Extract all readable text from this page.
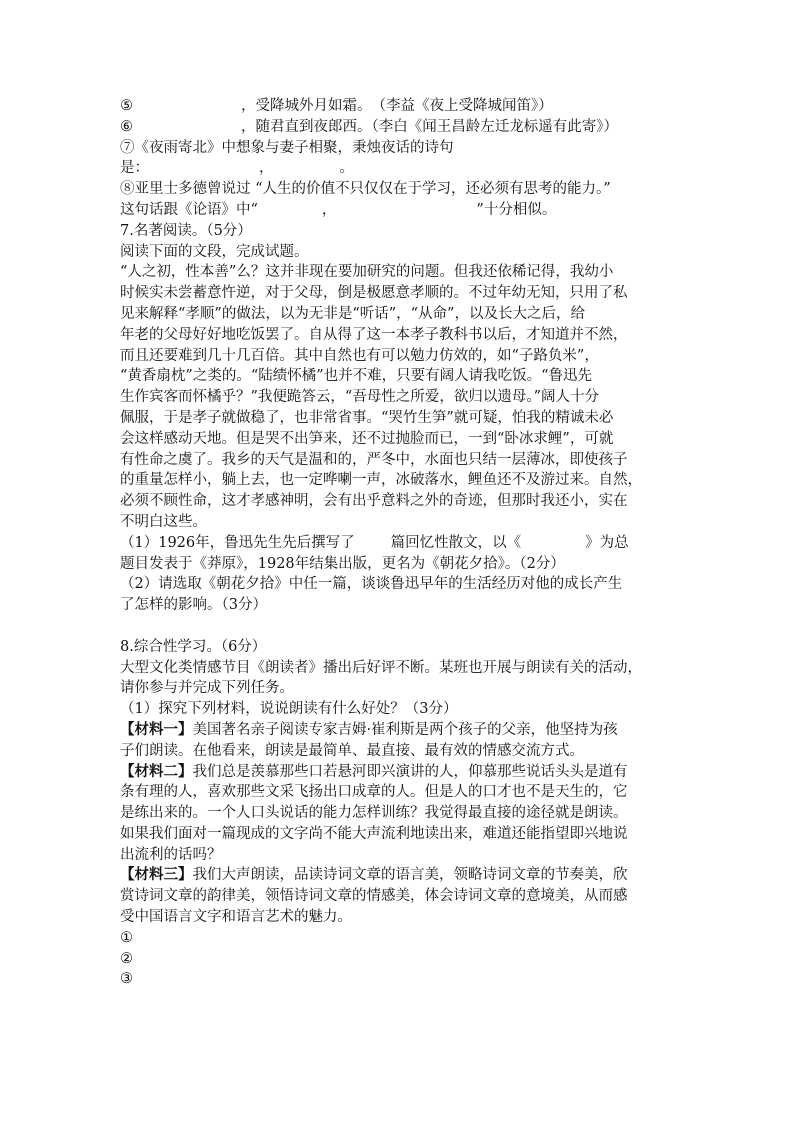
⑤	，受降城外月如霜。　（李益《夜上受降城闻笛》）
⑥	，随君直到夜郎西。（李白《闻王昌龄左迁龙标遥有此寄》）
⑦《夜雨寄北》中想象与妻子相聚，秉烛夜话的诗句
是：	，	。
⑧亚里士多德曾说过 “人生的价值不只仅仅在于学习，还必须有思考的能力。”
这句话跟《论语》中“	，	”十分相似。
7.名著阅读。（5分）
阅读下面的文段，完成试题。
“人之初，性本善”么？这并非现在要加研究的问题。但我还依稀记得，我幼小
时候实未尝蓄意忤逆，对于父母，倒是极愿意孝顺的。不过年幼无知，只用了私
见来解释“孝顺”的做法，以为无非是“听话”，“从命”，以及长大之后，给
年老的父母好好地吃饭罢了。自从得了这一本孝子教科书以后，才知道并不然，
而且还要难到几十几百倍。其中自然也有可以勉力仿效的，如“子路负米”，
“黄香扇枕”之类的。“陆绩怀橘”也并不难，只要有阔人请我吃饭。“鲁迅先
生作宾客而怀橘乎？”我便跪答云，“吾母性之所爱，欲归以遗母。”阔人十分
佩服，于是孝子就做稳了，也非常省事。“哭竹生笋”就可疑，怕我的精诚未必
会这样感动天地。但是哭不出笋来，还不过抛脸而已，一到“卧冰求鲤”，可就
有性命之虞了。我乡的天气是温和的，严冬中，水面也只结一层薄冰，即使孩子
的重量怎样小，躺上去，也一定哗喇一声，冰破落水，鲤鱼还不及游过来。自然，
必须不顾性命，这才孝感神明，会有出乎意料之外的奇迹，但那时我还小，实在
不明白这些。
（1）1926年，鲁迅先生先后撰写了 篇回忆性散文，以《	》为总
题目发表于《莽原》，1928年结集出版，更名为《朝花夕拾》。（2分）
（2）请选取《朝花夕拾》中任一篇，谈谈鲁迅早年的生活经历对他的成长产生
了怎样的影响。（3分）
8.综合性学习。（6分）
大型文化类情感节目《朗读者》播出后好评不断。某班也开展与朗读有关的活动，
请你参与并完成下列任务。
（1）探究下列材料，说说朗读有什么好处？（3分）
【材料一】美国著名亲子阅读专家吉姆·崔利斯是两个孩子的父亲，他坚持为孩
子们朗读。在他看来，朗读是最简单、最直接、最有效的情感交流方式。
【材料二】我们总是羡慕那些口若悬河即兴演讲的人，仰慕那些说话头头是道有
条有理的人，喜欢那些文采飞扬出口成章的人。但是人的口才也不是天生的，它
是练出来的。一个人口头说话的能力怎样训练？我觉得最直接的途径就是朗读。
如果我们面对一篇现成的文字尚不能大声流利地读出来，难道还能指望即兴地说
出流利的话吗？
【材料三】我们大声朗读，品读诗词文章的语言美，领略诗词文章的节奏美，欣
赏诗词文章的韵律美，领悟诗词文章的情感美，体会诗词文章的意境美，从而感
受中国语言文字和语言艺术的魅力。
①
②
③
